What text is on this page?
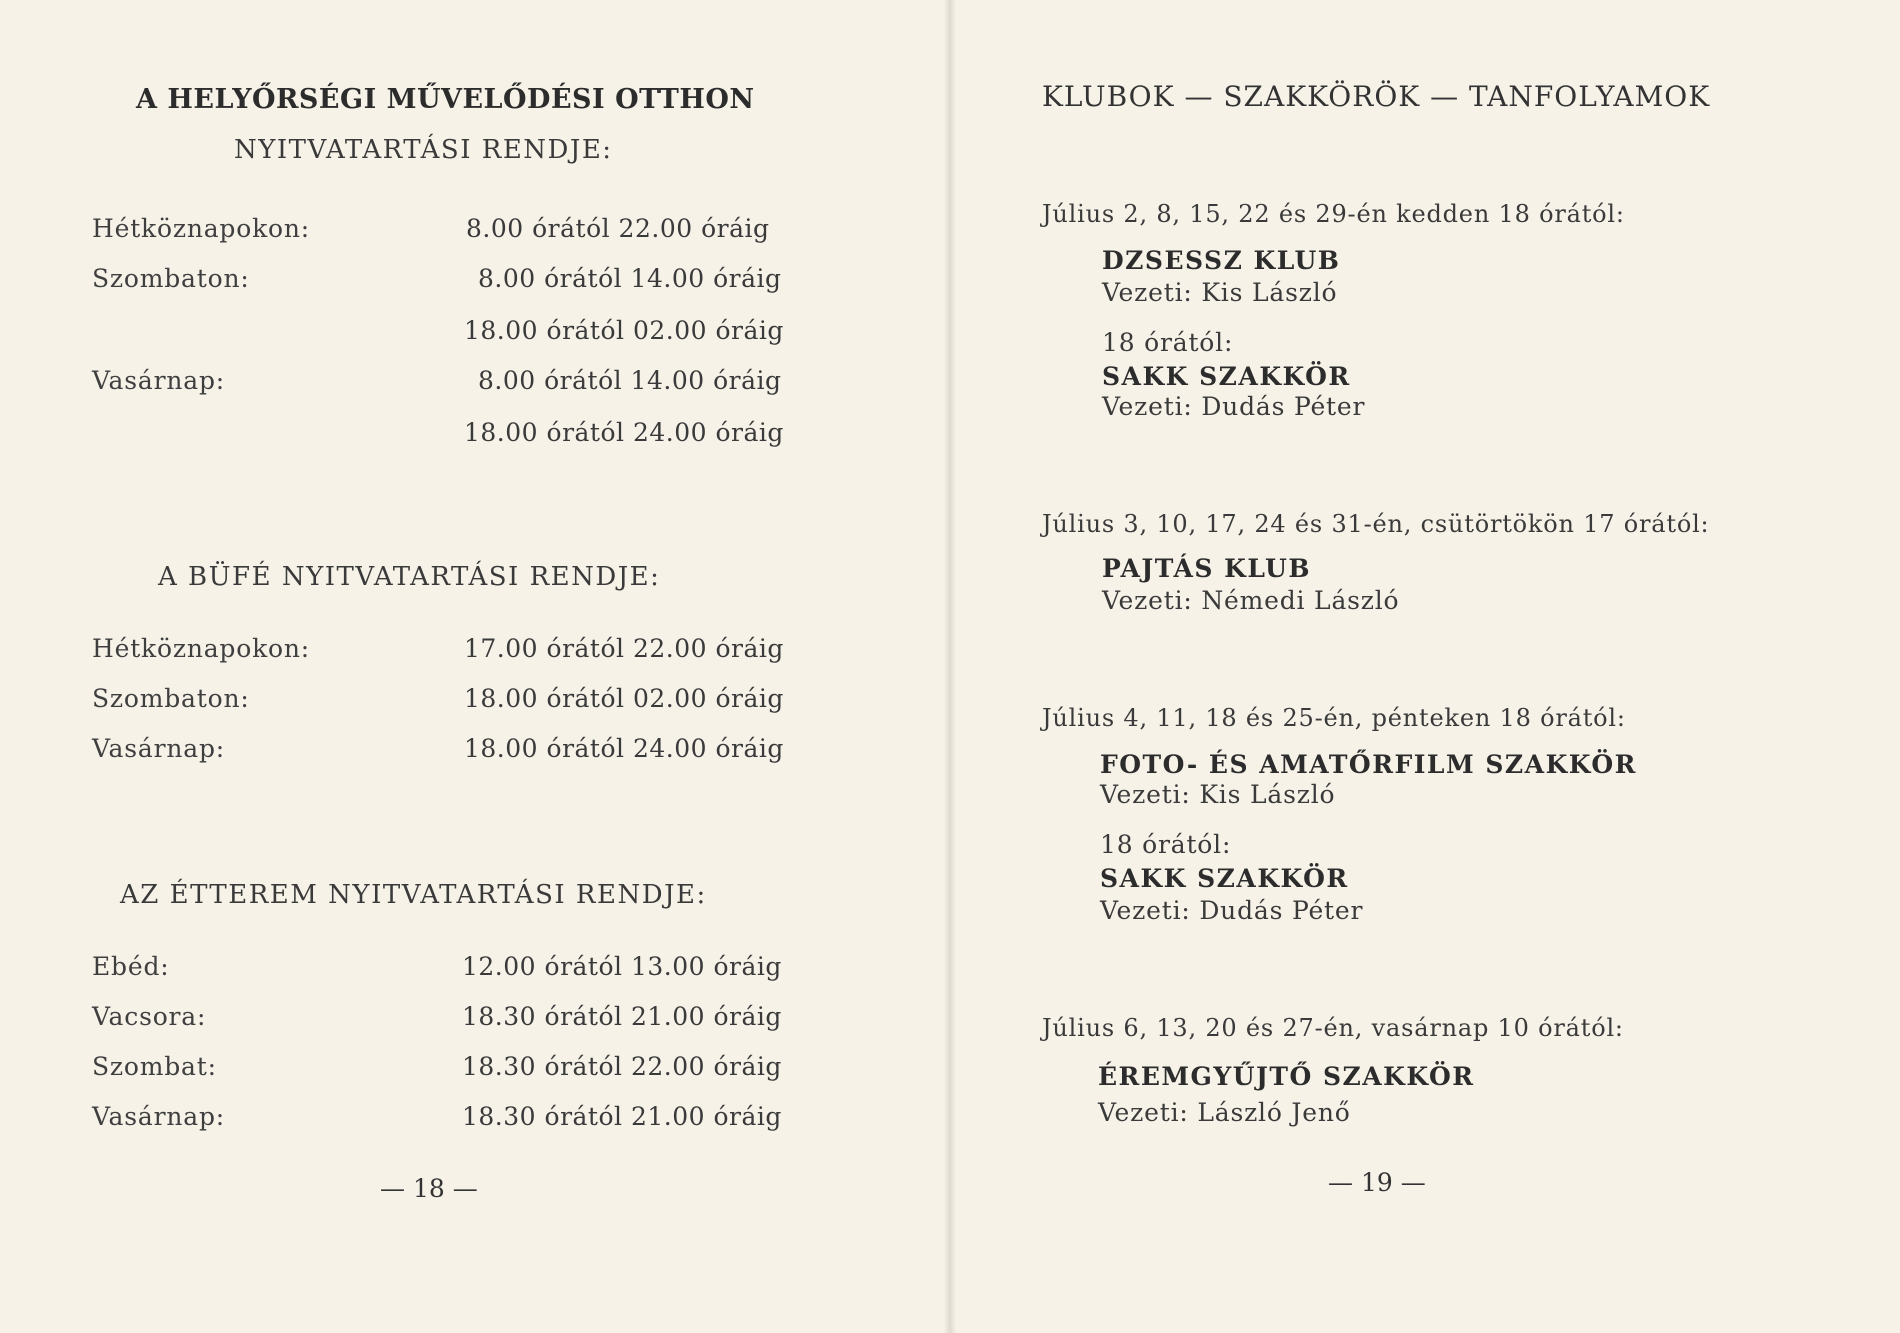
A HELYŐRSÉGI MŰVELŐDÉSI OTTHON
NYITVATARTÁSI RENDJE:
Hétköznapokon:	8.00 órától 22.00 óráig
Szombaton:	8.00 órától 14.00 óráig
18.00 órától 02.00 óráig
Vasárnap:	8.00 órától 14.00 óráig
18.00 órától 24.00 óráig
A BÜFÉ NYITVATARTÁSI RENDJE:
Hétköznapokon:	17.00 órától 22.00 óráig
Szombaton:	18.00 órától 02.00 óráig
Vasárnap:	18.00 órától 24.00 óráig
AZ ÉTTEREM NYITVATARTÁSI RENDJE:
Ebéd:	12.00 órától 13.00 óráig
Vacsora:	18.30 órától 21.00 óráig
Szombat:	18.30 órától 22.00 óráig
Vasárnap:	18.30 órától 21.00 óráig
— 18 —
KLUBOK — SZAKKÖRÖK — TANFOLYAMOK
Július 2, 8, 15, 22 és 29-én kedden 18 órától:
DZSESSZ KLUB
Vezeti: Kis László
18 órától:
SAKK SZAKKÖR
Vezeti: Dudás Péter
Július 3, 10, 17, 24 és 31-én, csütörtökön 17 órától:
PAJTÁS KLUB
Vezeti: Némedi László
Július 4, 11, 18 és 25-én, pénteken 18 órától:
FOTO- ÉS AMATŐRFILM SZAKKÖR
Vezeti: Kis László
18 órától:
SAKK SZAKKÖR
Vezeti: Dudás Péter
Július 6, 13, 20 és 27-én, vasárnap 10 órától:
ÉREMGYŰJTŐ SZAKKÖR
Vezeti: László Jenő
— 19 —
